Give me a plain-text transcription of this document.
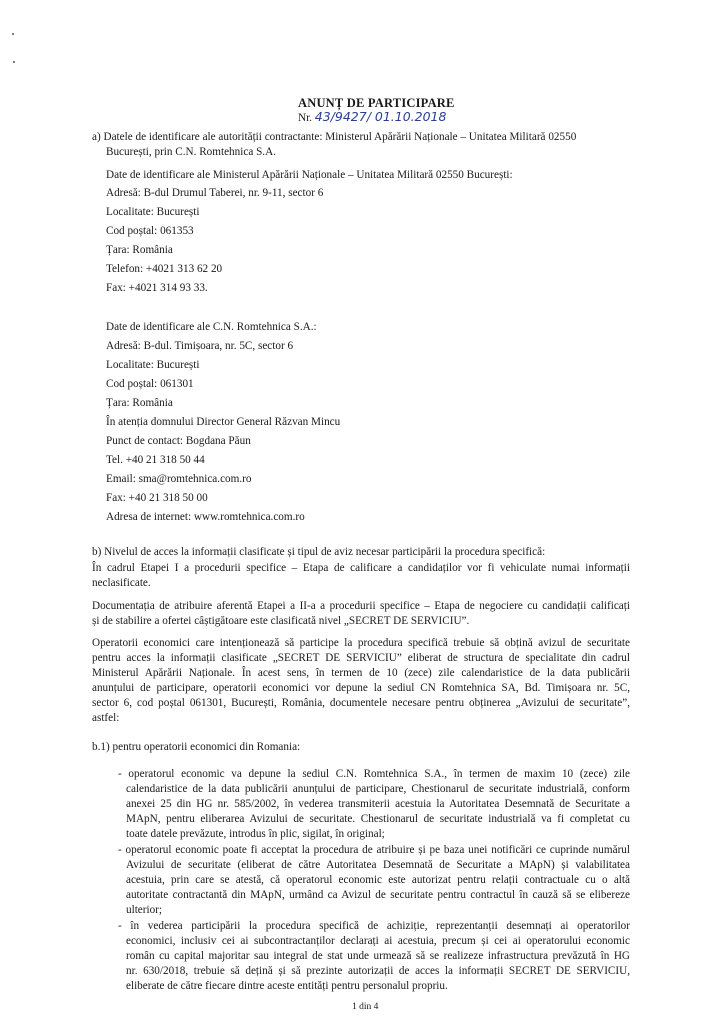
ANUNȚ DE PARTICIPARE
Nr. 43/9427/ 01.10.2018
a) Datele de identificare ale autorității contractante: Ministerul Apărării Naționale – Unitatea Militară 02550
București, prin C.N. Romtehnica S.A.
Date de identificare ale Ministerul Apărării Naționale – Unitatea Militară 02550 București:
Adresă: B-dul Drumul Taberei, nr. 9-11, sector 6
Localitate: București
Cod poștal: 061353
Țara: România
Telefon: +4021 313 62 20
Fax: +4021 314 93 33.
Date de identificare ale C.N. Romtehnica S.A.:
Adresă: B-dul. Timișoara, nr. 5C, sector 6
Localitate: București
Cod poștal: 061301
Țara: România
În atenția domnului Director General Răzvan Mincu
Punct de contact: Bogdana Păun
Tel. +40 21 318 50 44
Email: sma@romtehnica.com.ro
Fax: +40 21 318 50 00
Adresa de internet: www.romtehnica.com.ro
b) Nivelul de acces la informații clasificate și tipul de aviz necesar participării la procedura specifică:
În cadrul Etapei I a procedurii specifice – Etapa de calificare a candidaților vor fi vehiculate numai informații
neclasificate.
Documentația de atribuire aferentă Etapei a II-a a procedurii specifice – Etapa de negociere cu candidații calificați
și de stabilire a ofertei câștigătoare este clasificată nivel „SECRET DE SERVICIU”.
Operatorii economici care intenționează să participe la procedura specifică trebuie să obțină avizul de securitate
pentru acces la informații clasificate „SECRET DE SERVICIU” eliberat de structura de specialitate din cadrul
Ministerul Apărării Naționale. În acest sens, în termen de 10 (zece) zile calendaristice de la data publicării
anunțului de participare, operatorii economici vor depune la sediul CN Romtehnica SA, Bd. Timișoara nr. 5C,
sector 6, cod poștal 061301, București, România, documentele necesare pentru obținerea „Avizului de securitate”,
astfel:
b.1) pentru operatorii economici din Romania:
- operatorul economic va depune la sediul C.N. Romtehnica S.A., în termen de maxim 10 (zece) zile
calendaristice de la data publicării anunțului de participare, Chestionarul de securitate industrială, conform
anexei 25 din HG nr. 585/2002, în vederea transmiterii acestuia la Autoritatea Desemnată de Securitate a
MApN, pentru eliberarea Avizului de securitate. Chestionarul de securitate industrială va fi completat cu
toate datele prevăzute, introdus în plic, sigilat, în original;
- operatorul economic poate fi acceptat la procedura de atribuire și pe baza unei notificări ce cuprinde numărul
Avizului de securitate (eliberat de către Autoritatea Desemnată de Securitate a MApN) și valabilitatea
acestuia, prin care se atestă, că operatorul economic este autorizat pentru relații contractuale cu o altă
autoritate contractantă din MApN, urmând ca Avizul de securitate pentru contractul în cauză să se elibereze
ulterior;
- în vederea participării la procedura specifică de achiziție, reprezentanții desemnați ai operatorilor
economici, inclusiv cei ai subcontractanților declarați ai acestuia, precum și cei ai operatorului economic
român cu capital majoritar sau integral de stat unde urmează să se realizeze infrastructura prevăzută în HG
nr. 630/2018, trebuie să dețină și să prezinte autorizații de acces la informații SECRET DE SERVICIU,
eliberate de către fiecare dintre aceste entități pentru personalul propriu.
1 din 4
